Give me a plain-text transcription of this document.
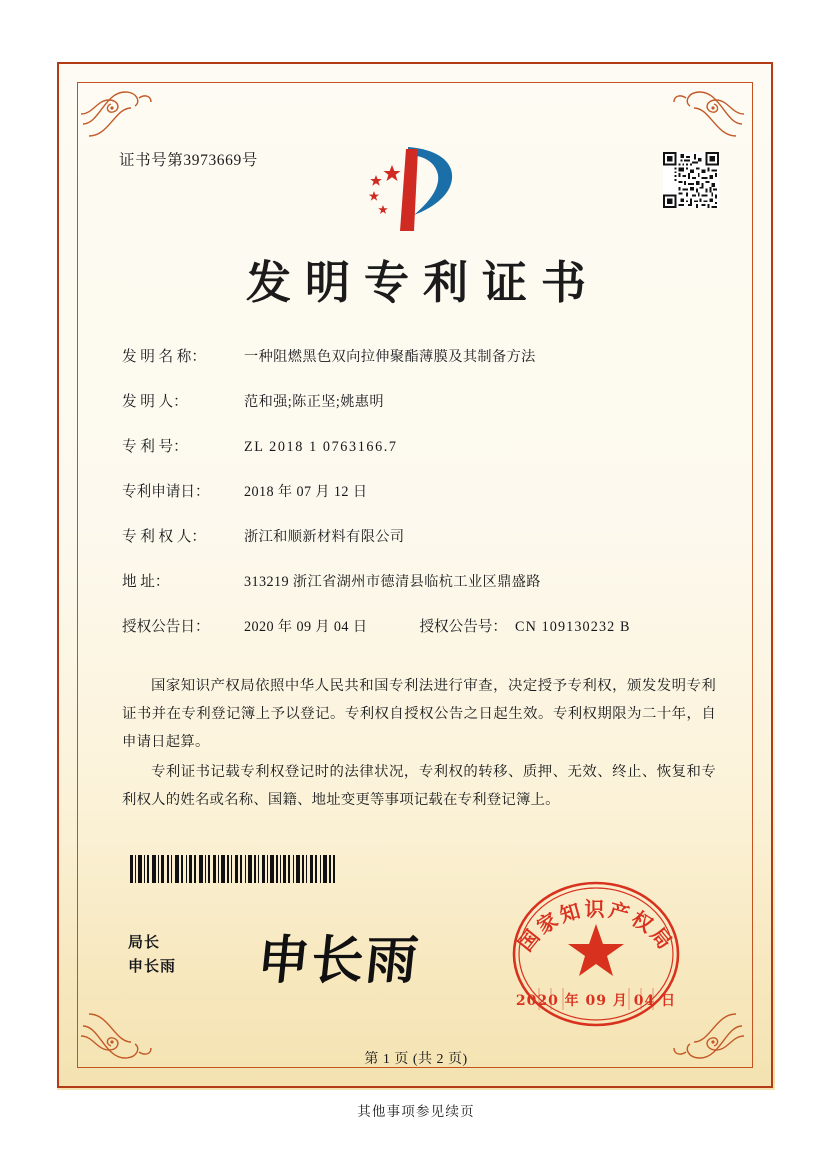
证书号第3973669号
发明专利证书
发 明 名 称：	一种阻燃黑色双向拉伸聚酯薄膜及其制备方法
发 明 人：	范和强;陈正坚;姚惠明
专 利 号：	ZL 2018 1 0763166.7
专利申请日：	2018 年 07 月 12 日
专 利 权 人：	浙江和顺新材料有限公司
地 址：	313219 浙江省湖州市德清县临杭工业区鼎盛路
授权公告日：	2020 年 09 月 04 日	授权公告号： CN 109130232 B

国家知识产权局依照中华人民共和国专利法进行审查，决定授予专利权，颁发发明专利证书并在专利登记簿上予以登记。专利权自授权公告之日起生效。专利权期限为二十年，自申请日起算。

专利证书记载专利权登记时的法律状况，专利权的转移、质押、无效、终止、恢复和专利权人的姓名或名称、国籍、地址变更等事项记载在专利登记簿上。

局长
申长雨 申长雨	国家知识产权局
2020 年 09 月 04 日
第 1 页 (共 2 页)
其他事项参见续页
